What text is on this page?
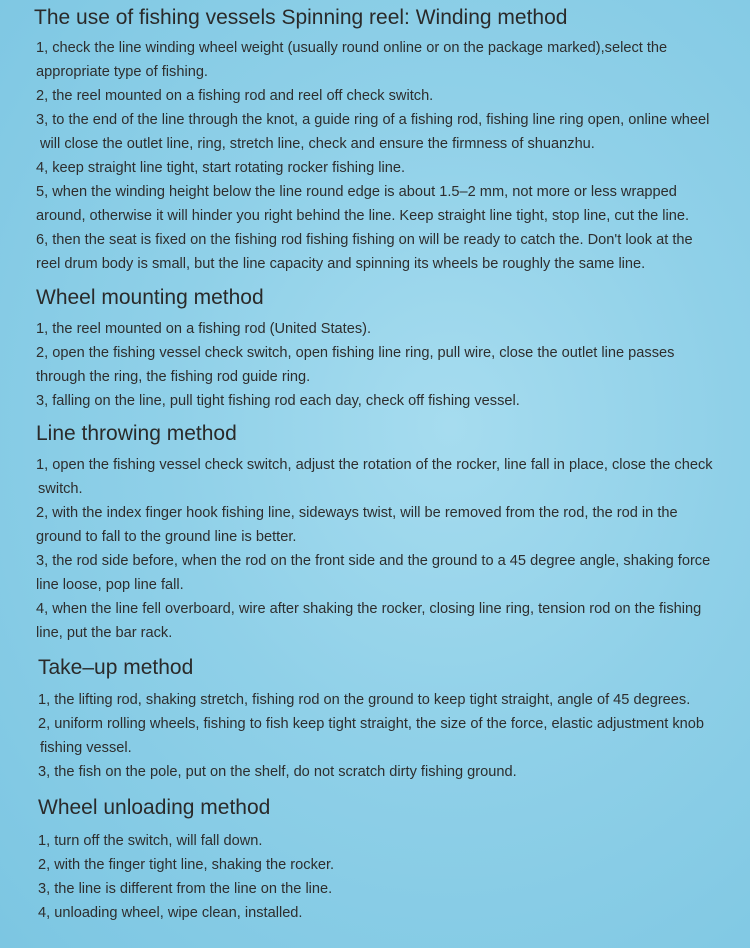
The use of fishing vessels Spinning reel: Winding method

1, check the line winding wheel weight (usually round online or on the package marked),select the
appropriate type of fishing.

2, the reel mounted on a fishing rod and reel off check switch.

3, to the end of the line through the knot, a guide ring of a fishing rod, fishing line ring open, online wheel
will close the outlet line, ring, stretch line, check and ensure the firmness of shuanzhu.

4, keep straight line tight, start rotating rocker fishing line.

5, when the winding height below the line round edge is about 1.5–2 mm, not more or less wrapped
around, otherwise it will hinder you right behind the line. Keep straight line tight, stop line, cut the line.

6, then the seat is fixed on the fishing rod fishing fishing on will be ready to catch the. Don't look at the
reel drum body is small, but the line capacity and spinning its wheels be roughly the same line.

Wheel mounting method

1, the reel mounted on a fishing rod (United States).

2, open the fishing vessel check switch, open fishing line ring, pull wire, close the outlet line passes
through the ring, the fishing rod guide ring.

3, falling on the line, pull tight fishing rod each day, check off fishing vessel.

Line throwing method

1, open the fishing vessel check switch, adjust the rotation of the rocker, line fall in place, close the check
switch.

2, with the index finger hook fishing line, sideways twist, will be removed from the rod, the rod in the
ground to fall to the ground line is better.

3, the rod side before, when the rod on the front side and the ground to a 45 degree angle, shaking force
line loose, pop line fall.

4, when the line fell overboard, wire after shaking the rocker, closing line ring, tension rod on the fishing
line, put the bar rack.

Take–up method

1, the lifting rod, shaking stretch, fishing rod on the ground to keep tight straight, angle of 45 degrees.

2, uniform rolling wheels, fishing to fish keep tight straight, the size of the force, elastic adjustment knob
fishing vessel.

3, the fish on the pole, put on the shelf, do not scratch dirty fishing ground.

Wheel unloading method

1, turn off the switch, will fall down.

2, with the finger tight line, shaking the rocker.

3, the line is different from the line on the line.

4, unloading wheel, wipe clean, installed.
